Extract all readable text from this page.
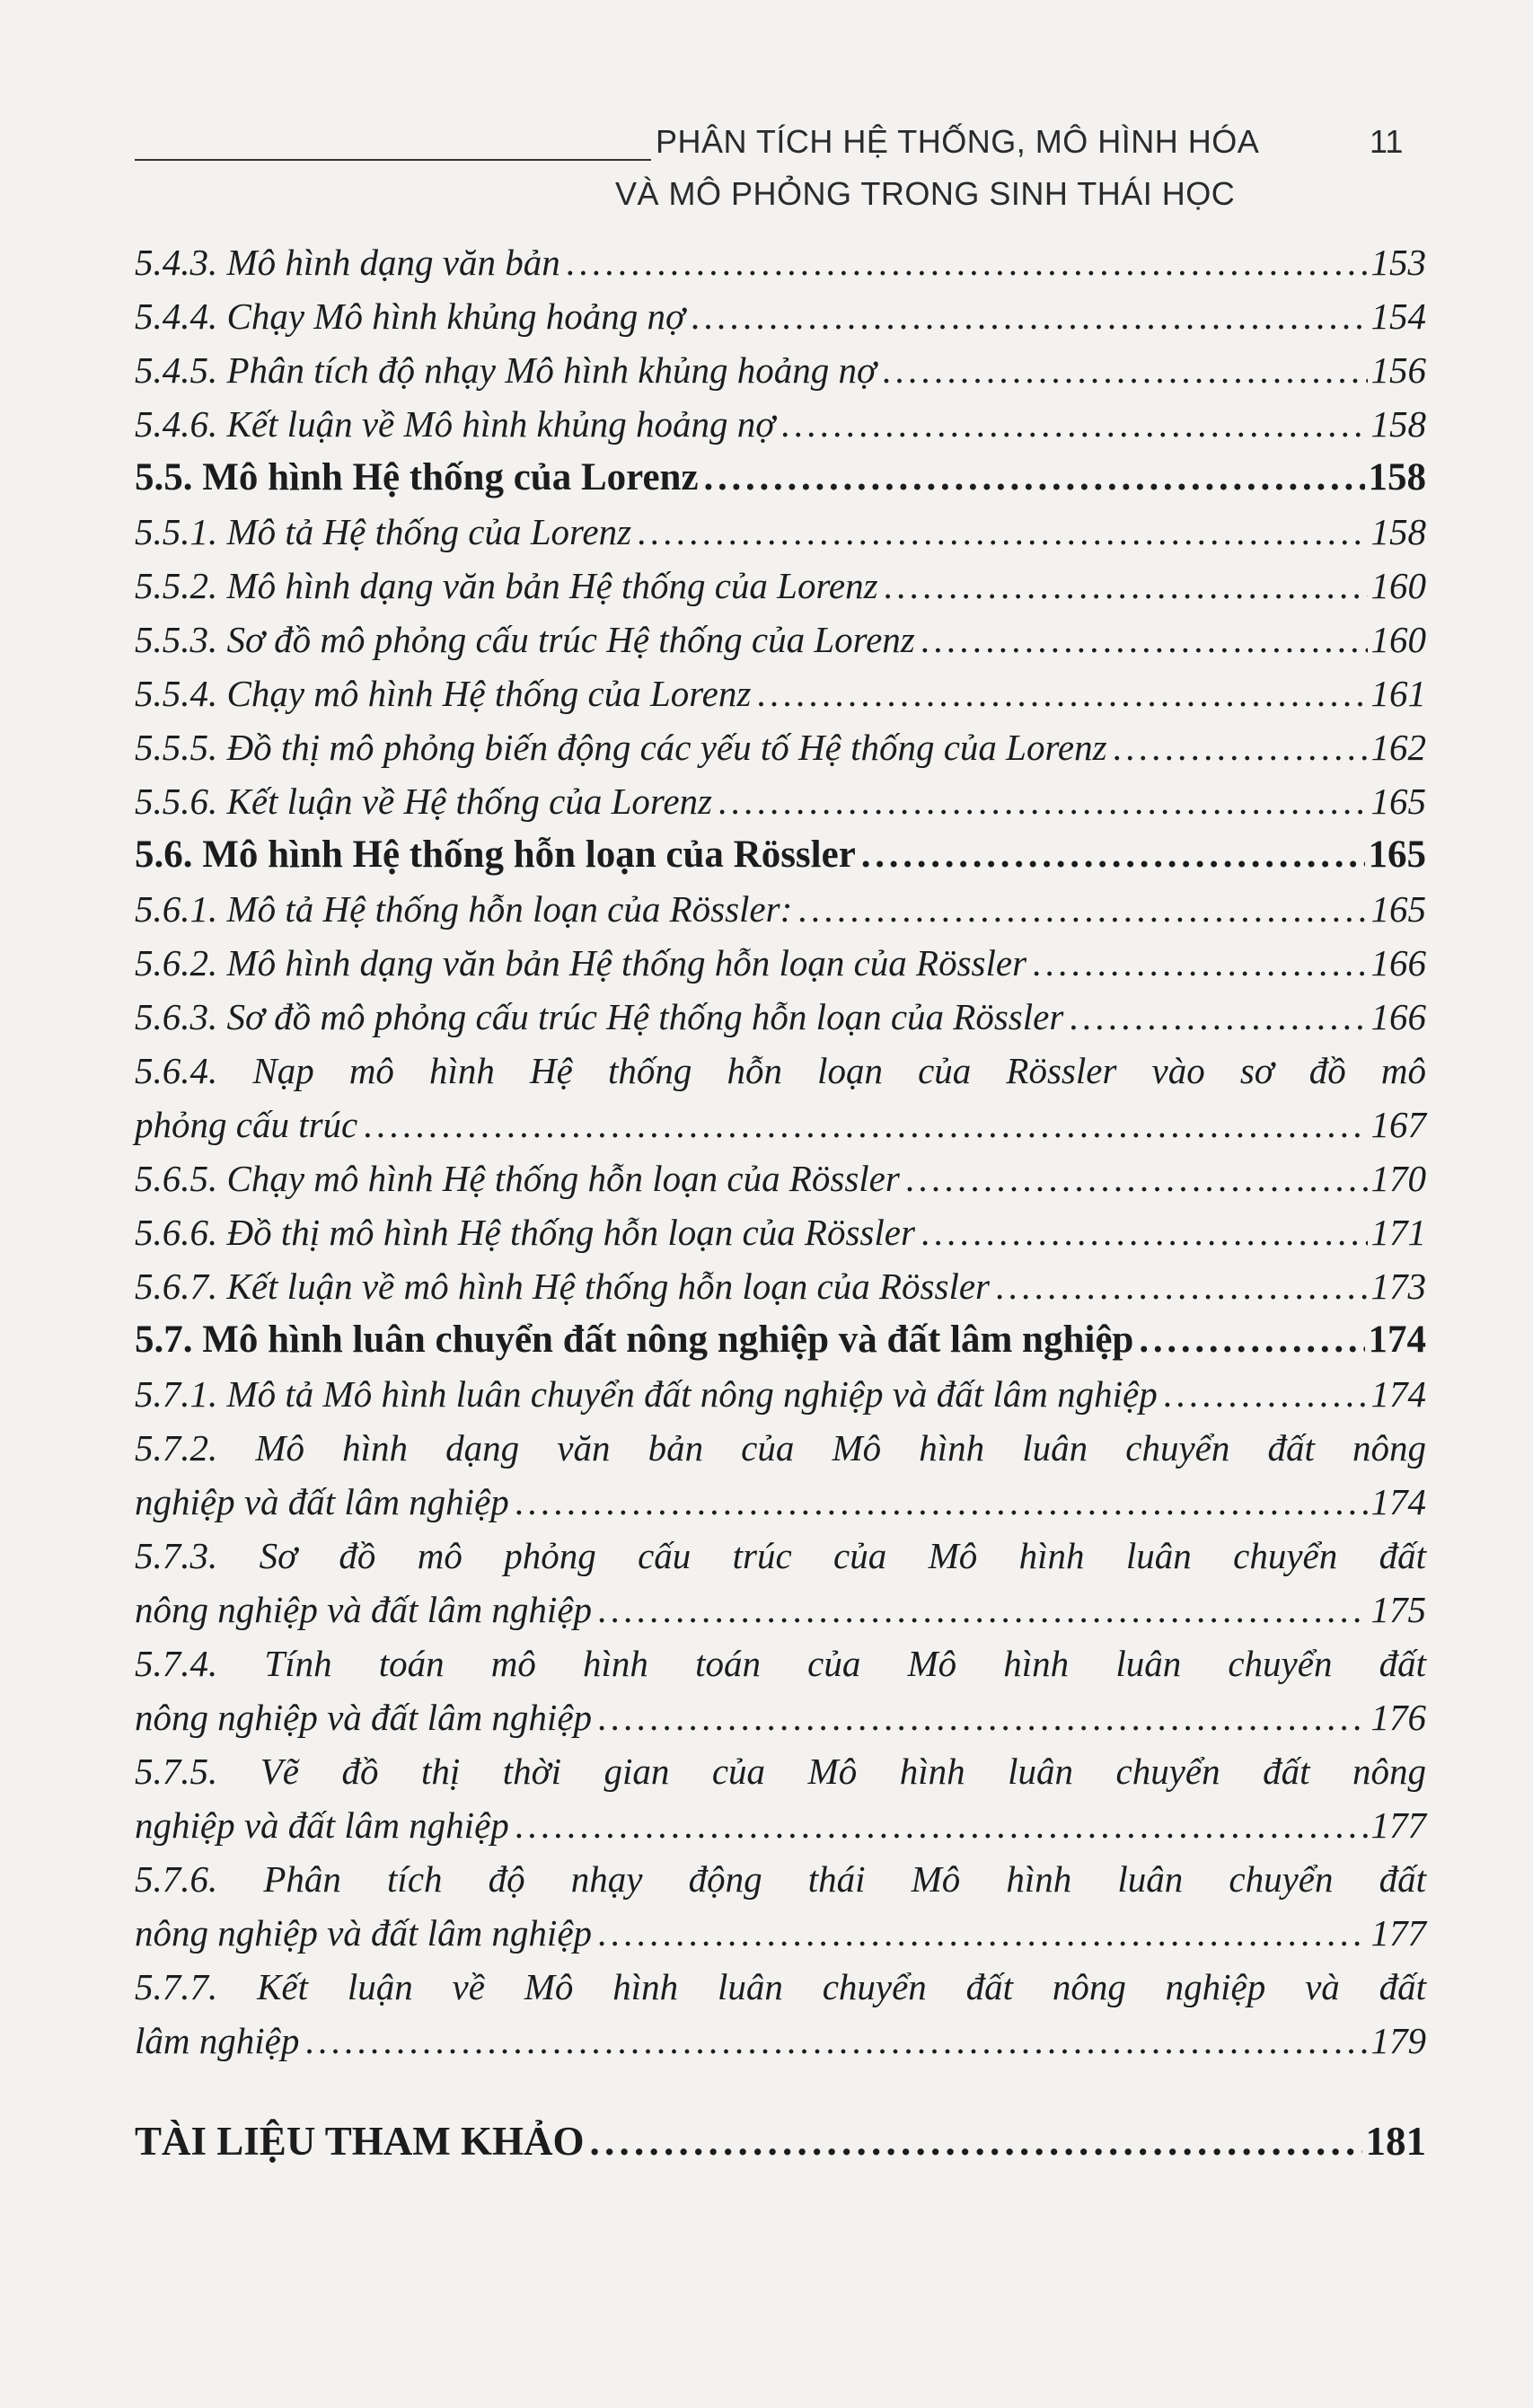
PHÂN TÍCH HỆ THỐNG, MÔ HÌNH HÓA	11
VÀ MÔ PHỎNG TRONG SINH THÁI HỌC
5.4.3. Mô hình dạng văn bản . . .	153
5.4.4. Chạy Mô hình khủng hoảng nợ . . .	154
5.4.5. Phân tích độ nhạy Mô hình khủng hoảng nợ . . .	156
5.4.6. Kết luận về Mô hình khủng hoảng nợ . . .	158
5.5. Mô hình Hệ thống của Lorenz . . .	158
5.5.1. Mô tả Hệ thống của Lorenz . . .	158
5.5.2. Mô hình dạng văn bản Hệ thống của Lorenz . . .	160
5.5.3. Sơ đồ mô phỏng cấu trúc Hệ thống của Lorenz . . .	160
5.5.4. Chạy mô hình Hệ thống của Lorenz . . .	161
5.5.5. Đồ thị mô phỏng biến động các yếu tố Hệ thống của Lorenz . . .	162
5.5.6. Kết luận về Hệ thống của Lorenz . . .	165
5.6. Mô hình Hệ thống hỗn loạn của Rössler . . .	165
5.6.1. Mô tả Hệ thống hỗn loạn của Rössler: . . .	165
5.6.2. Mô hình dạng văn bản Hệ thống hỗn loạn của Rössler . . .	166
5.6.3. Sơ đồ mô phỏng cấu trúc Hệ thống hỗn loạn của Rössler . . .	166
5.6.4. Nạp mô hình Hệ thống hỗn loạn của Rössler vào sơ đồ mô
phỏng cấu trúc . . .	167
5.6.5. Chạy mô hình Hệ thống hỗn loạn của Rössler . . .	170
5.6.6. Đồ thị mô hình Hệ thống hỗn loạn của Rössler . . .	171
5.6.7. Kết luận về mô hình Hệ thống hỗn loạn của Rössler . . .	173
5.7. Mô hình luân chuyển đất nông nghiệp và đất lâm nghiệp . . .	174
5.7.1. Mô tả Mô hình luân chuyển đất nông nghiệp và đất lâm nghiệp . . .	174
5.7.2. Mô hình dạng văn bản của Mô hình luân chuyển đất nông
nghiệp và đất lâm nghiệp . . .	174
5.7.3. Sơ đồ mô phỏng cấu trúc của Mô hình luân chuyển đất
nông nghiệp và đất lâm nghiệp . . .	175
5.7.4. Tính toán mô hình toán của Mô hình luân chuyển đất
nông nghiệp và đất lâm nghiệp . . .	176
5.7.5. Vẽ đồ thị thời gian của Mô hình luân chuyển đất nông
nghiệp và đất lâm nghiệp . . .	177
5.7.6. Phân tích độ nhạy động thái Mô hình luân chuyển đất
nông nghiệp và đất lâm nghiệp . . .	177
5.7.7. Kết luận về Mô hình luân chuyển đất nông nghiệp và đất
lâm nghiệp . . .	179
TÀI LIỆU THAM KHẢO . . .	181
